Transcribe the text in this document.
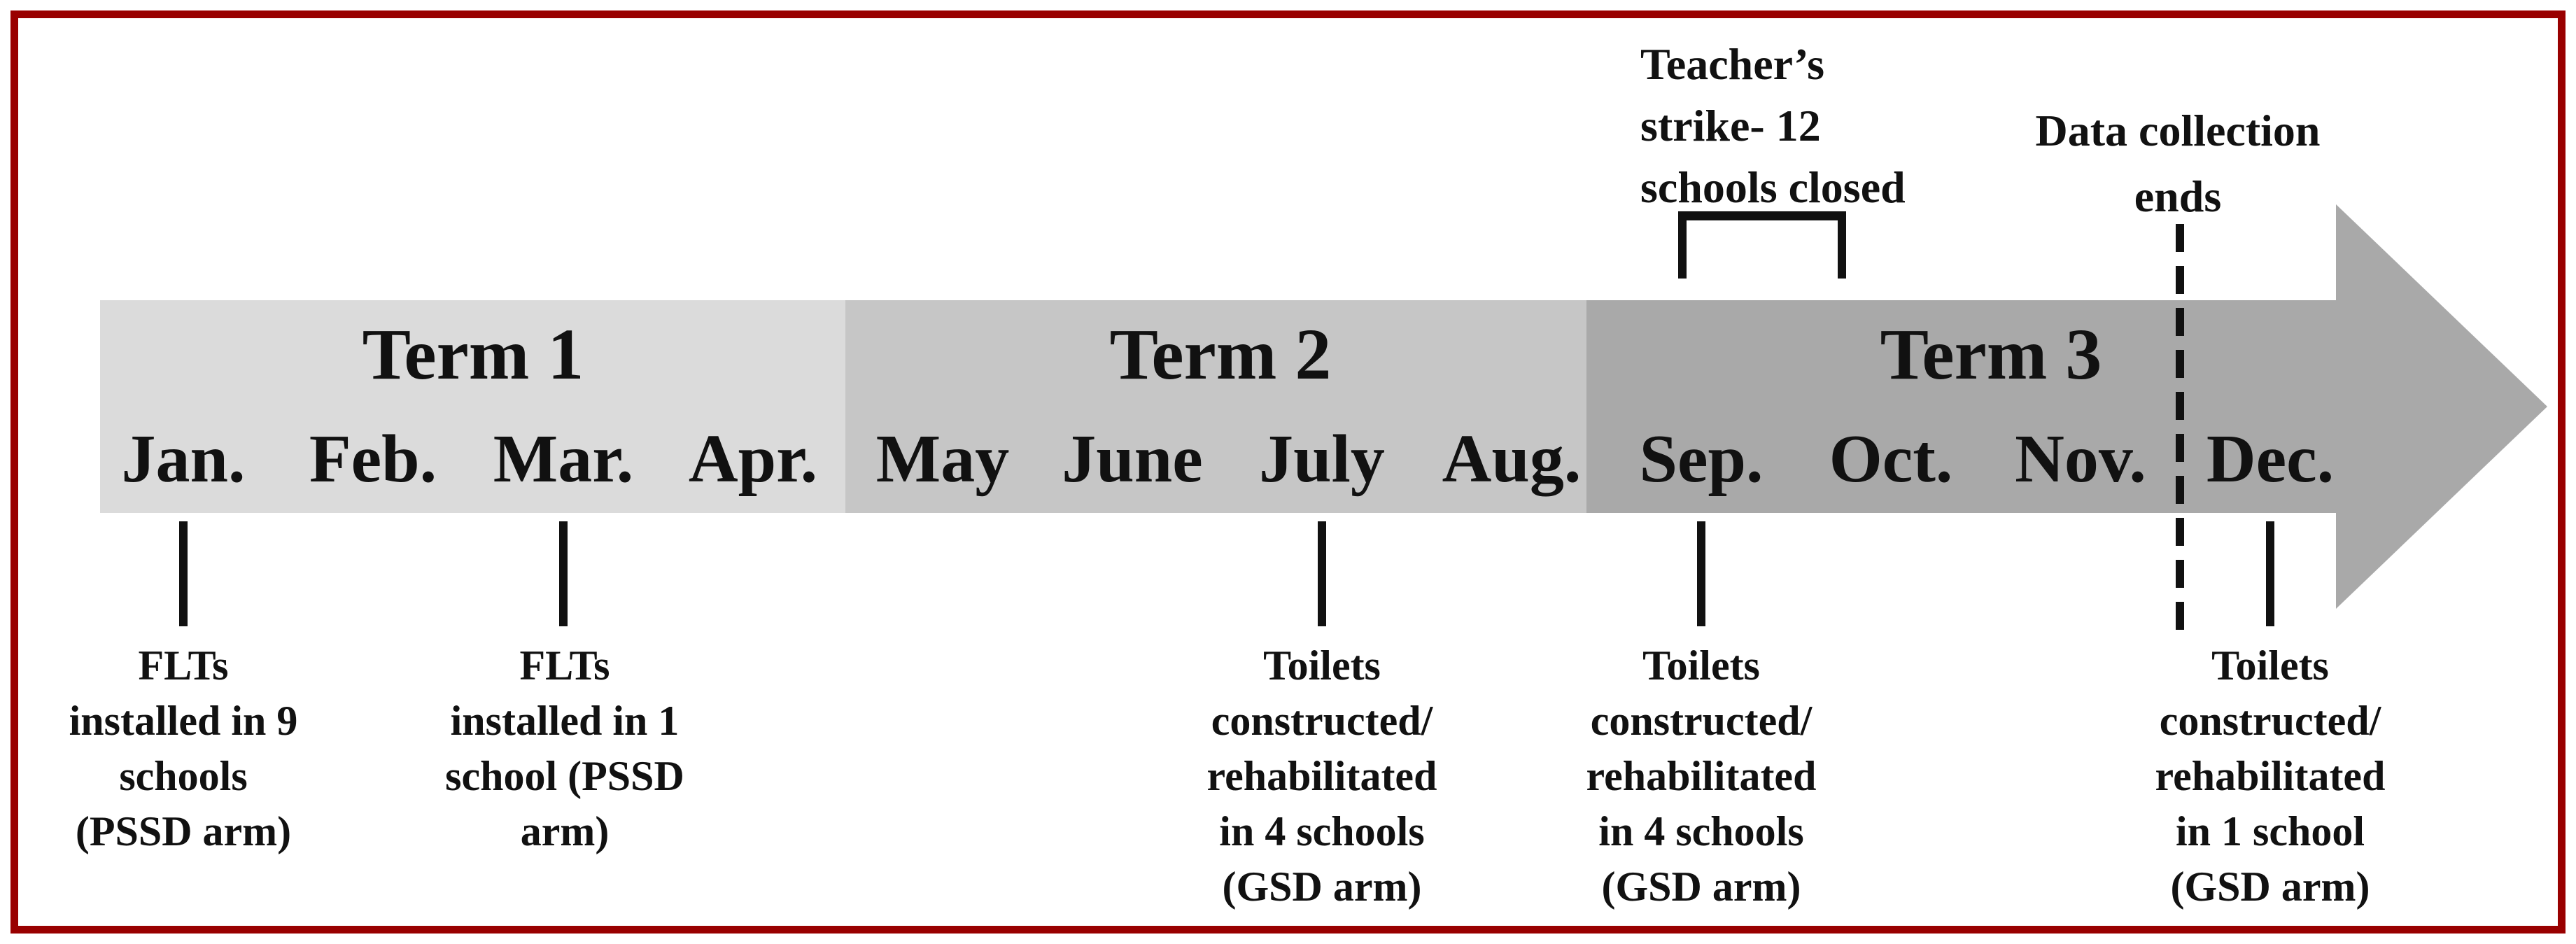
Term 1	Term 2	Term 3
Jan. Feb. Mar. Apr. May June July Aug. Sep. Oct. Nov. Dec.
Teacher’s
strike- 12
schools closed
Data collection
ends
FLTs
installed in 9
schools
(PSSD arm)
FLTs
installed in 1
school (PSSD
arm)
Toilets
constructed/
rehabilitated
in 4 schools
(GSD arm)
Toilets
constructed/
rehabilitated
in 4 schools
(GSD arm)
Toilets
constructed/
rehabilitated
in 1 school
(GSD arm)
